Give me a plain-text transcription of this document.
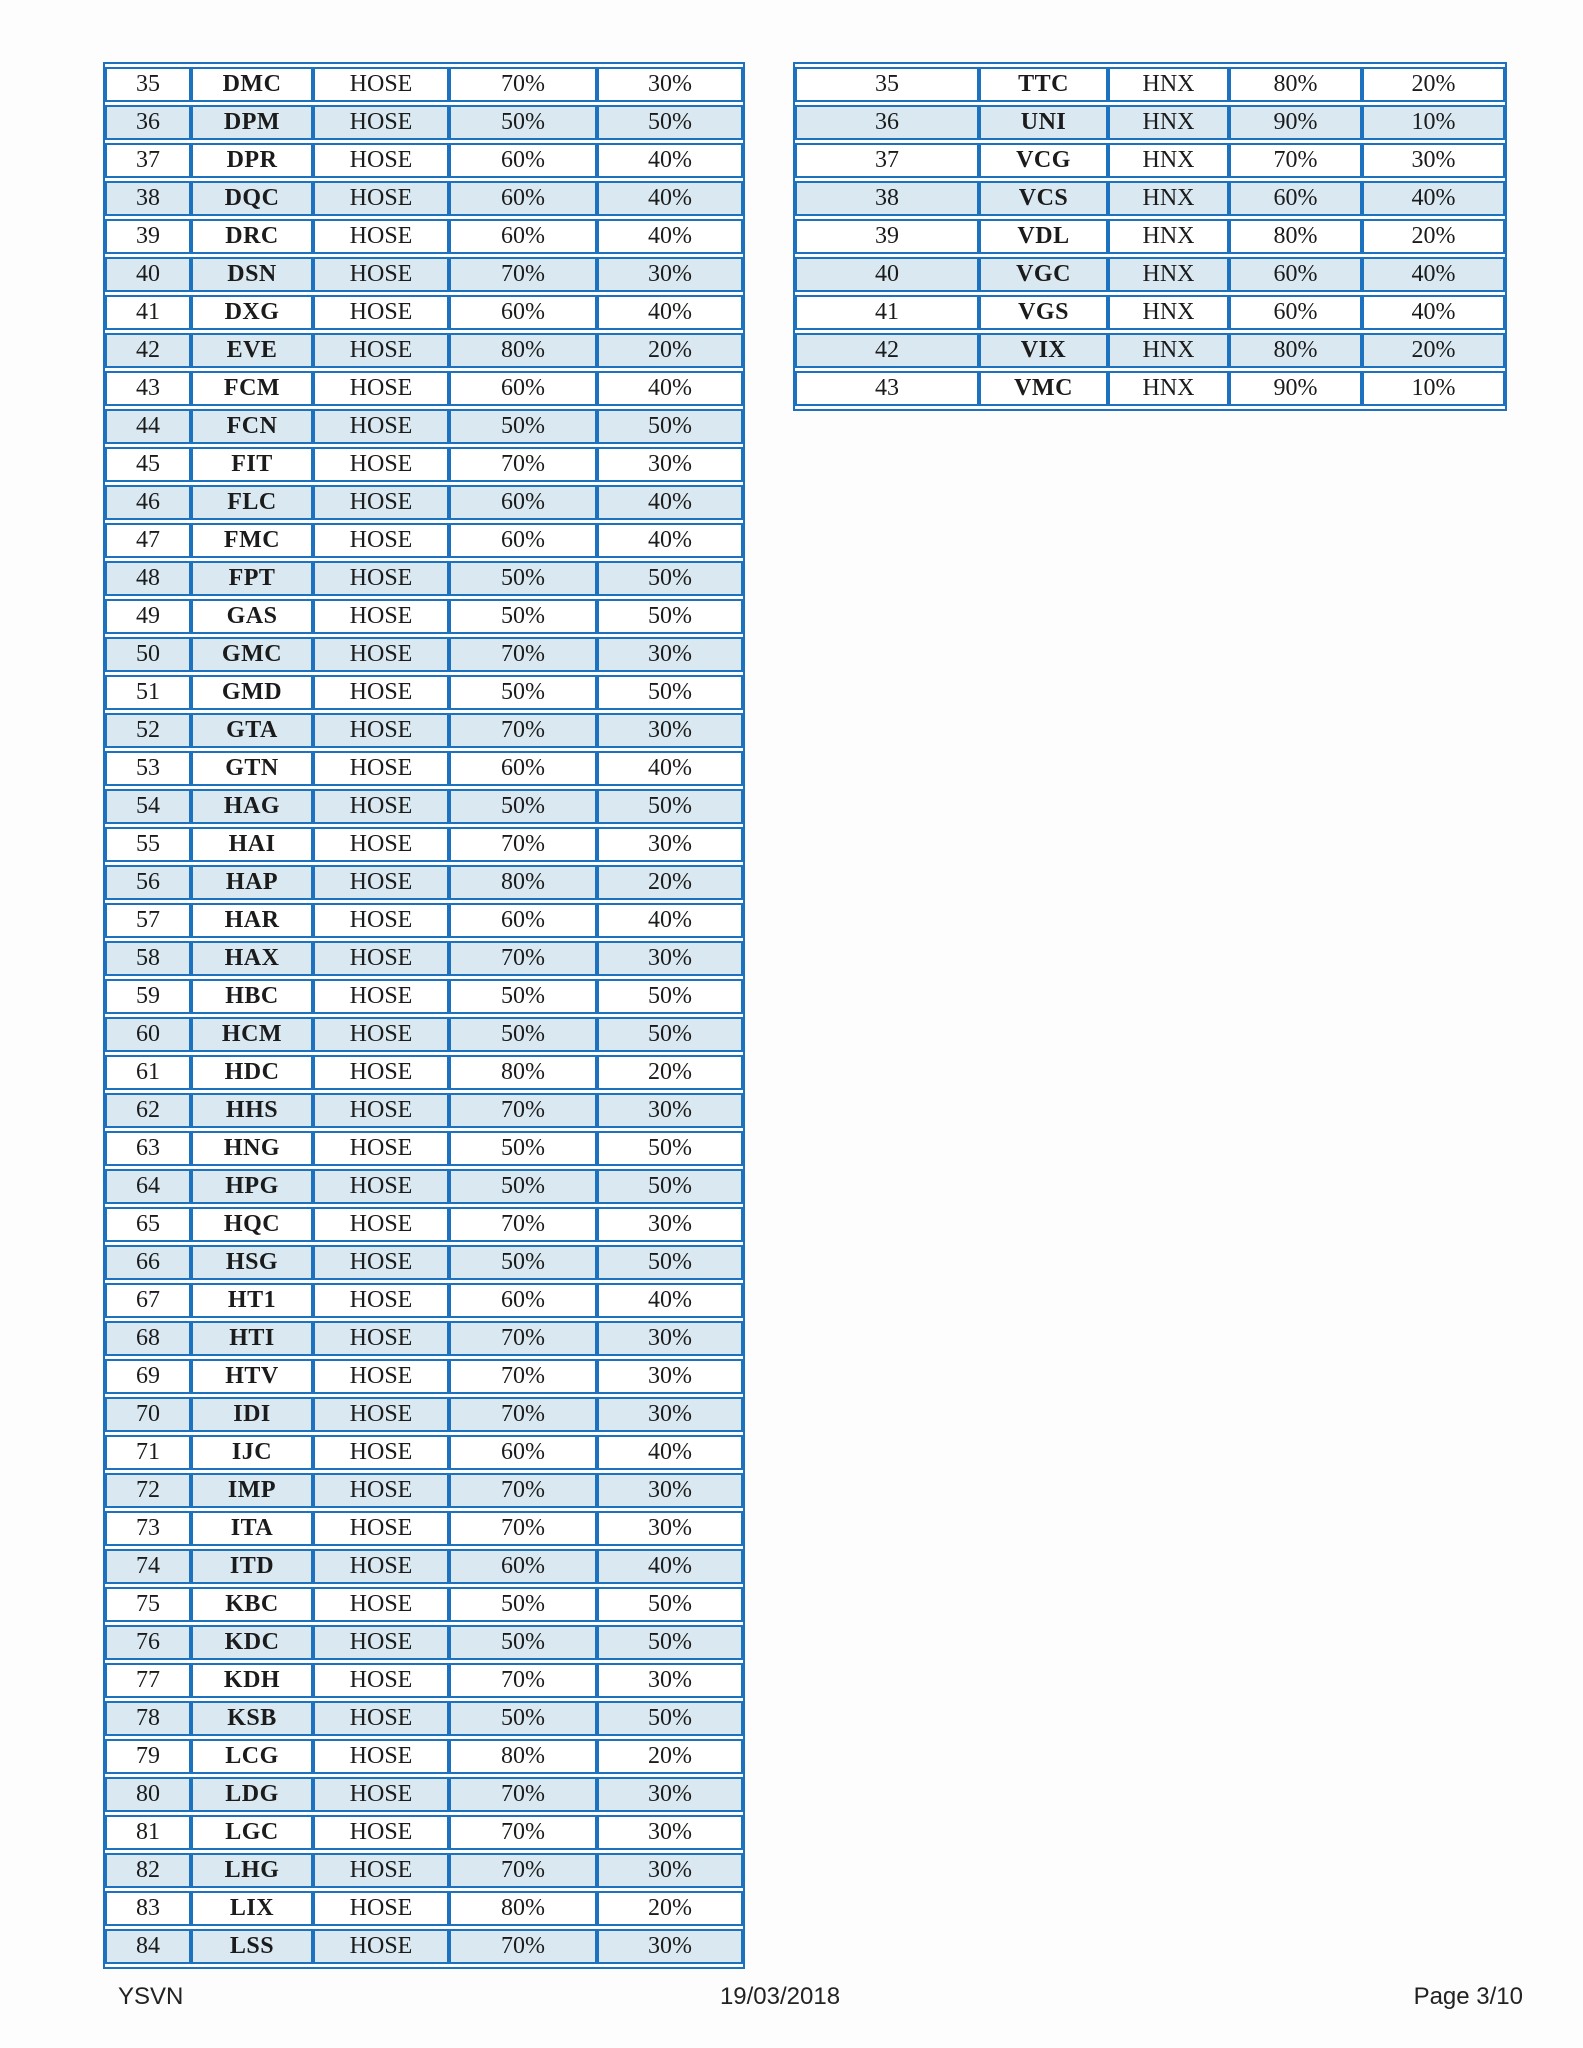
35	DMC	HOSE	70%	30%
36	DPM	HOSE	50%	50%
37	DPR	HOSE	60%	40%
38	DQC	HOSE	60%	40%
39	DRC	HOSE	60%	40%
40	DSN	HOSE	70%	30%
41	DXG	HOSE	60%	40%
42	EVE	HOSE	80%	20%
43	FCM	HOSE	60%	40%
44	FCN	HOSE	50%	50%
45	FIT	HOSE	70%	30%
46	FLC	HOSE	60%	40%
47	FMC	HOSE	60%	40%
48	FPT	HOSE	50%	50%
49	GAS	HOSE	50%	50%
50	GMC	HOSE	70%	30%
51	GMD	HOSE	50%	50%
52	GTA	HOSE	70%	30%
53	GTN	HOSE	60%	40%
54	HAG	HOSE	50%	50%
55	HAI	HOSE	70%	30%
56	HAP	HOSE	80%	20%
57	HAR	HOSE	60%	40%
58	HAX	HOSE	70%	30%
59	HBC	HOSE	50%	50%
60	HCM	HOSE	50%	50%
61	HDC	HOSE	80%	20%
62	HHS	HOSE	70%	30%
63	HNG	HOSE	50%	50%
64	HPG	HOSE	50%	50%
65	HQC	HOSE	70%	30%
66	HSG	HOSE	50%	50%
67	HT1	HOSE	60%	40%
68	HTI	HOSE	70%	30%
69	HTV	HOSE	70%	30%
70	IDI	HOSE	70%	30%
71	IJC	HOSE	60%	40%
72	IMP	HOSE	70%	30%
73	ITA	HOSE	70%	30%
74	ITD	HOSE	60%	40%
75	KBC	HOSE	50%	50%
76	KDC	HOSE	50%	50%
77	KDH	HOSE	70%	30%
78	KSB	HOSE	50%	50%
79	LCG	HOSE	80%	20%
80	LDG	HOSE	70%	30%
81	LGC	HOSE	70%	30%
82	LHG	HOSE	70%	30%
83	LIX	HOSE	80%	20%
84	LSS	HOSE	70%	30%
35	TTC	HNX	80%	20%
36	UNI	HNX	90%	10%
37	VCG	HNX	70%	30%
38	VCS	HNX	60%	40%
39	VDL	HNX	80%	20%
40	VGC	HNX	60%	40%
41	VGS	HNX	60%	40%
42	VIX	HNX	80%	20%
43	VMC	HNX	90%	10%
YSVN	19/03/2018	Page 3/10
